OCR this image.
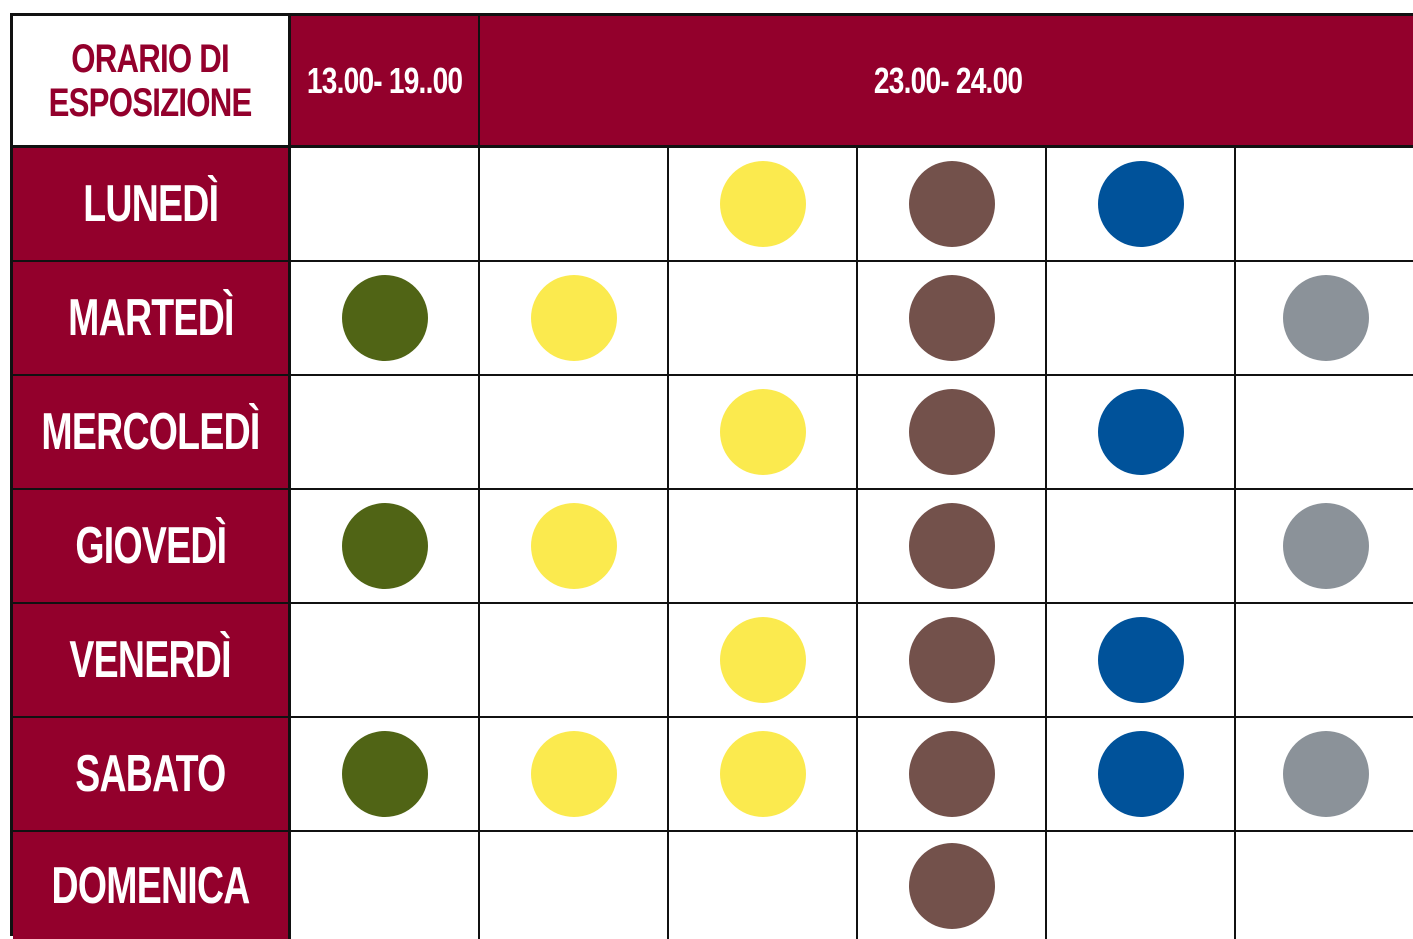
ORARIO DI
ESPOSIZIONE
13.00- 19..00	23.00- 24.00
LUNEDÌ
MARTEDÌ
MERCOLEDÌ
GIOVEDÌ
VENERDÌ
SABATO
DOMENICA
